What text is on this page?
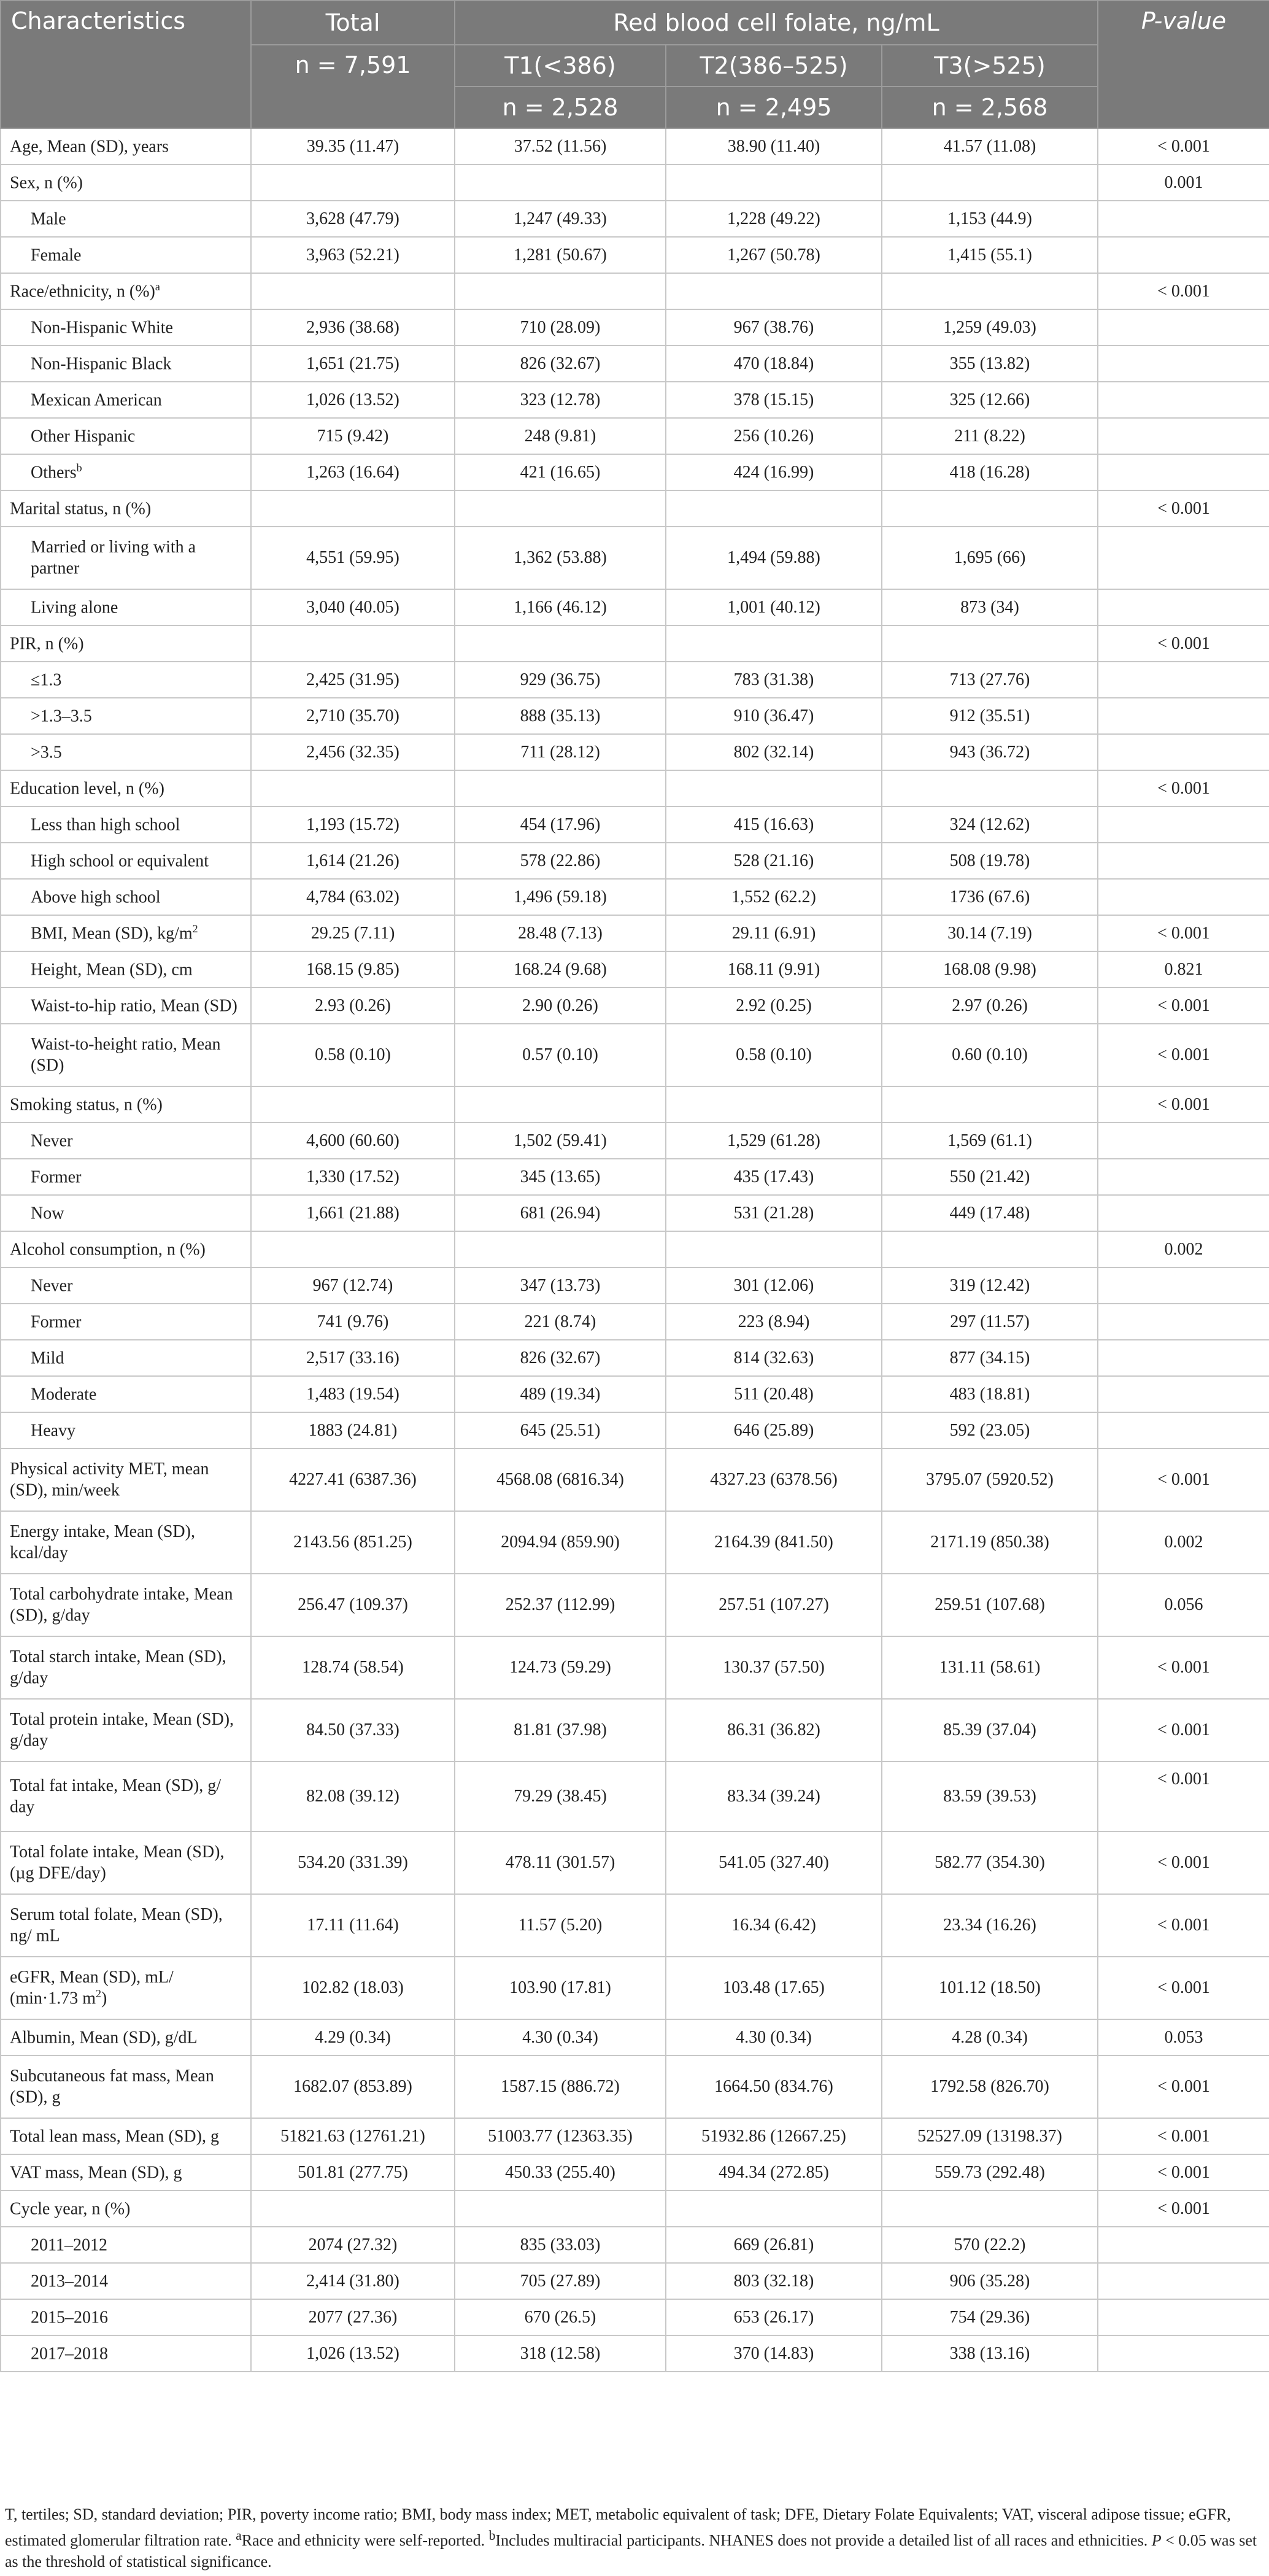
Characteristics	Total	Red blood cell folate, ng/mL			P-value
	n = 7,591	T1(<386)	T2(386–525)	T3(>525)	
		n = 2,528	n = 2,495	n = 2,568	
Age, Mean (SD), years	39.35 (11.47)	37.52 (11.56)	38.90 (11.40)	41.57 (11.08)	< 0.001
Sex, n (%)					0.001
Male	3,628 (47.79)	1,247 (49.33)	1,228 (49.22)	1,153 (44.9)	
Female	3,963 (52.21)	1,281 (50.67)	1,267 (50.78)	1,415 (55.1)	
Race/ethnicity, n (%)$^a$					< 0.001
Non-Hispanic White	2,936 (38.68)	710 (28.09)	967 (38.76)	1,259 (49.03)	
Non-Hispanic Black	1,651 (21.75)	826 (32.67)	470 (18.84)	355 (13.82)	
Mexican American	1,026 (13.52)	323 (12.78)	378 (15.15)	325 (12.66)	
Other Hispanic	715 (9.42)	248 (9.81)	256 (10.26)	211 (8.22)	
Others$^b$	1,263 (16.64)	421 (16.65)	424 (16.99)	418 (16.28)	
Marital status, n (%)					< 0.001
Married or living with a partner	4,551 (59.95)	1,362 (53.88)	1,494 (59.88)	1,695 (66)	
Living alone	3,040 (40.05)	1,166 (46.12)	1,001 (40.12)	873 (34)	
PIR, n (%)					< 0.001
≤1.3	2,425 (31.95)	929 (36.75)	783 (31.38)	713 (27.76)	
>1.3–3.5	2,710 (35.70)	888 (35.13)	910 (36.47)	912 (35.51)	
>3.5	2,456 (32.35)	711 (28.12)	802 (32.14)	943 (36.72)	
Education level, n (%)					< 0.001
Less than high school	1,193 (15.72)	454 (17.96)	415 (16.63)	324 (12.62)	
High school or equivalent	1,614 (21.26)	578 (22.86)	528 (21.16)	508 (19.78)	
Above high school	4,784 (63.02)	1,496 (59.18)	1,552 (62.2)	1736 (67.6)	
BMI, Mean (SD), $kg/m^2$	29.25 (7.11)	28.48 (7.13)	29.11 (6.91)	30.14 (7.19)	< 0.001
Height, Mean (SD), cm	168.15 (9.85)	168.24 (9.68)	168.11 (9.91)	168.08 (9.98)	0.821
Waist-to-hip ratio, Mean (SD)	2.93 (0.26)	2.90 (0.26)	2.92 (0.25)	2.97 (0.26)	< 0.001
Waist-to-height ratio, Mean (SD)	0.58 (0.10)	0.57 (0.10)	0.58 (0.10)	0.60 (0.10)	< 0.001
Smoking status, n (%)					< 0.001
Never	4,600 (60.60)	1,502 (59.41)	1,529 (61.28)	1,569 (61.1)	
Former	1,330 (17.52)	345 (13.65)	435 (17.43)	550 (21.42)	
Now	1,661 (21.88)	681 (26.94)	531 (21.28)	449 (17.48)	
Alcohol consumption, n (%)					0.002
Never	967 (12.74)	347 (13.73)	301 (12.06)	319 (12.42)	
Former	741 (9.76)	221 (8.74)	223 (8.94)	297 (11.57)	
Mild	2,517 (33.16)	826 (32.67)	814 (32.63)	877 (34.15)	
Moderate	1,483 (19.54)	489 (19.34)	511 (20.48)	483 (18.81)	
Heavy	1883 (24.81)	645 (25.51)	646 (25.89)	592 (23.05)	
Physical activity MET, mean (SD), min/week	4227.41 (6387.36)	4568.08 (6816.34)	4327.23 (6378.56)	3795.07 (5920.52)	< 0.001
Energy intake, Mean (SD), kcal/day	2143.56 (851.25)	2094.94 (859.90)	2164.39 (841.50)	2171.19 (850.38)	0.002
Total carbohydrate intake, Mean (SD), g/day	256.47 (109.37)	252.37 (112.99)	257.51 (107.27)	259.51 (107.68)	0.056
Total starch intake, Mean (SD), g/day	128.74 (58.54)	124.73 (59.29)	130.37 (57.50)	131.11 (58.61)	< 0.001
Total protein intake, Mean (SD), g/day	84.50 (37.33)	81.81 (37.98)	86.31 (36.82)	85.39 (37.04)	< 0.001
Total fat intake, Mean (SD), g/ day	82.08 (39.12)	79.29 (38.45)	83.34 (39.24)	83.59 (39.53)	< 0.001
Total folate intake, Mean (SD), (µg DFE/day)	534.20 (331.39)	478.11 (301.57)	541.05 (327.40)	582.77 (354.30)	< 0.001
Serum total folate, Mean (SD), ng/ mL	17.11 (11.64)	11.57 (5.20)	16.34 (6.42)	23.34 (16.26)	< 0.001
eGFR, Mean (SD), mL/ (min·1.73 $m^2$)	102.82 (18.03)	103.90 (17.81)	103.48 (17.65)	101.12 (18.50)	< 0.001
Albumin, Mean (SD), g/dL	4.29 (0.34)	4.30 (0.34)	4.30 (0.34)	4.28 (0.34)	0.053
Subcutaneous fat mass, Mean (SD), g	1682.07 (853.89)	1587.15 (886.72)	1664.50 (834.76)	1792.58 (826.70)	< 0.001
Total lean mass, Mean (SD), g	51821.63 (12761.21)	51003.77 (12363.35)	51932.86 (12667.25)	52527.09 (13198.37)	< 0.001
VAT mass, Mean (SD), g	501.81 (277.75)	450.33 (255.40)	494.34 (272.85)	559.73 (292.48)	< 0.001
Cycle year, n (%)					< 0.001
2011–2012	2074 (27.32)	835 (33.03)	669 (26.81)	570 (22.2)	
2013–2014	2,414 (31.80)	705 (27.89)	803 (32.18)	906 (35.28)	
2015–2016	2077 (27.36)	670 (26.5)	653 (26.17)	754 (29.36)	
2017–2018	1,026 (13.52)	318 (12.58)	370 (14.83)	338 (13.16)	
T, tertiles; SD, standard deviation; PIR, poverty income ratio; BMI, body mass index; MET, metabolic equivalent of task; DFE, Dietary Folate Equivalents; VAT, visceral adipose tissue; eGFR, estimated glomerular filtration rate. $^a$Race and ethnicity were self-reported. $^b$Includes multiracial participants. NHANES does not provide a detailed list of all races and ethnicities. P < 0.05 was set as the threshold of statistical significance.
